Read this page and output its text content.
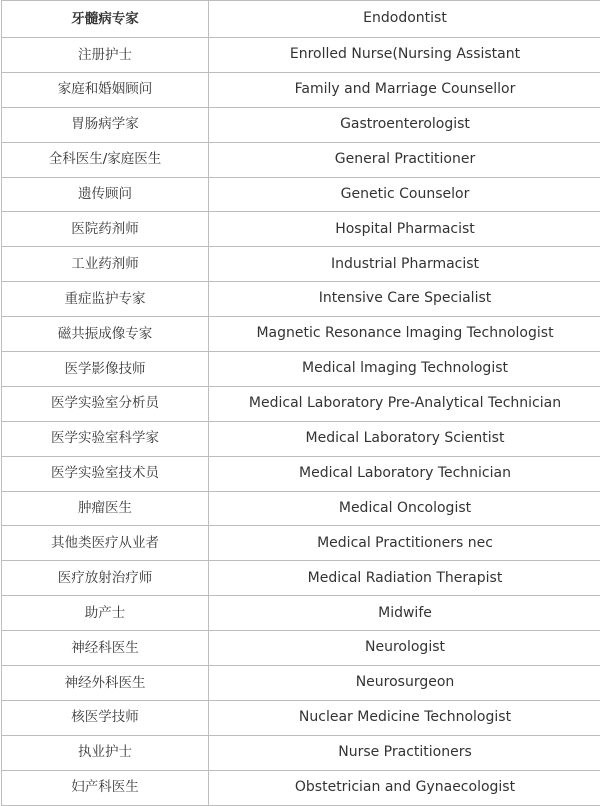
牙髓病专家	Endodontist
注册护士	Enrolled Nurse(Nursing Assistant
家庭和婚姻顾问	Family and Marriage Counsellor
胃肠病学家	Gastroenterologist
全科医生/家庭医生	General Practitioner
遗传顾问	Genetic Counselor
医院药剂师	Hospital Pharmacist
工业药剂师	Industrial Pharmacist
重症监护专家	Intensive Care Specialist
磁共振成像专家	Magnetic Resonance lmaging Technologist
医学影像技师	Medical lmaging Technologist
医学实验室分析员	Medical Laboratory Pre-Analytical Technician
医学实验室科学家	Medical Laboratory Scientist
医学实验室技术员	Medical Laboratory Technician
肿瘤医生	Medical Oncologist
其他类医疗从业者	Medical Practitioners nec
医疗放射治疗师	Medical Radiation Therapist
助产士	Midwife
神经科医生	Neurologist
神经外科医生	Neurosurgeon
核医学技师	Nuclear Medicine Technologist
执业护士	Nurse Practitioners
妇产科医生	Obstetrician and Gynaecologist
